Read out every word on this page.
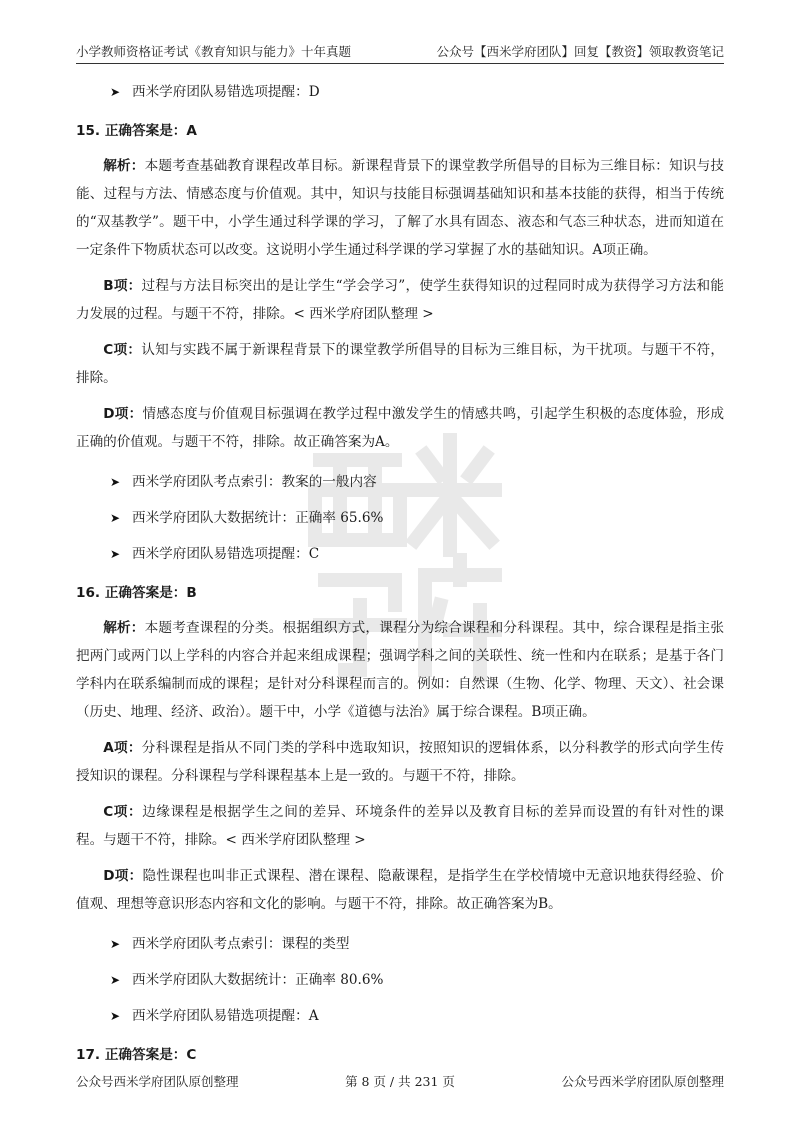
小学教师资格证考试《教育知识与能力》十年真题	公众号【西米学府团队】回复【教资】领取教资笔记
➤ 西米学府团队易错选项提醒：D
15. 正确答案是：A

解析：本题考查基础教育课程改革目标。新课程背景下的课堂教学所倡导的目标为三维目标：知识与技能、过程与方法、情感态度与价值观。其中，知识与技能目标强调基础知识和基本技能的获得，相当于传统的“双基教学”。题干中，小学生通过科学课的学习，了解了水具有固态、液态和气态三种状态，进而知道在一定条件下物质状态可以改变。这说明小学生通过科学课的学习掌握了水的基础知识。A项正确。

B项：过程与方法目标突出的是让学生“学会学习”，使学生获得知识的过程同时成为获得学习方法和能力发展的过程。与题干不符，排除。< 西米学府团队整理 >

C项：认知与实践不属于新课程背景下的课堂教学所倡导的目标为三维目标，为干扰项。与题干不符，排除。

D项：情感态度与价值观目标强调在教学过程中激发学生的情感共鸣，引起学生积极的态度体验，形成正确的价值观。与题干不符，排除。故正确答案为A。

➤ 西米学府团队考点索引：教案的一般内容
➤ 西米学府团队大数据统计：正确率 65.6%
➤ 西米学府团队易错选项提醒：C
16. 正确答案是：B

解析：本题考查课程的分类。根据组织方式，课程分为综合课程和分科课程。其中，综合课程是指主张把两门或两门以上学科的内容合并起来组成课程；强调学科之间的关联性、统一性和内在联系；是基于各门学科内在联系编制而成的课程；是针对分科课程而言的。例如：自然课（生物、化学、物理、天文）、社会课（历史、地理、经济、政治）。题干中，小学《道德与法治》属于综合课程。B项正确。

A项：分科课程是指从不同门类的学科中选取知识，按照知识的逻辑体系，以分科教学的形式向学生传授知识的课程。分科课程与学科课程基本上是一致的。与题干不符，排除。

C项：边缘课程是根据学生之间的差异、环境条件的差异以及教育目标的差异而设置的有针对性的课程。与题干不符，排除。< 西米学府团队整理 >

D项：隐性课程也叫非正式课程、潜在课程、隐蔽课程，是指学生在学校情境中无意识地获得经验、价值观、理想等意识形态内容和文化的影响。与题干不符，排除。故正确答案为B。

➤ 西米学府团队考点索引：课程的类型
➤ 西米学府团队大数据统计：正确率 80.6%
➤ 西米学府团队易错选项提醒：A
17. 正确答案是：C
公众号西米学府团队原创整理	第 8 页 / 共 231 页	公众号西米学府团队原创整理
